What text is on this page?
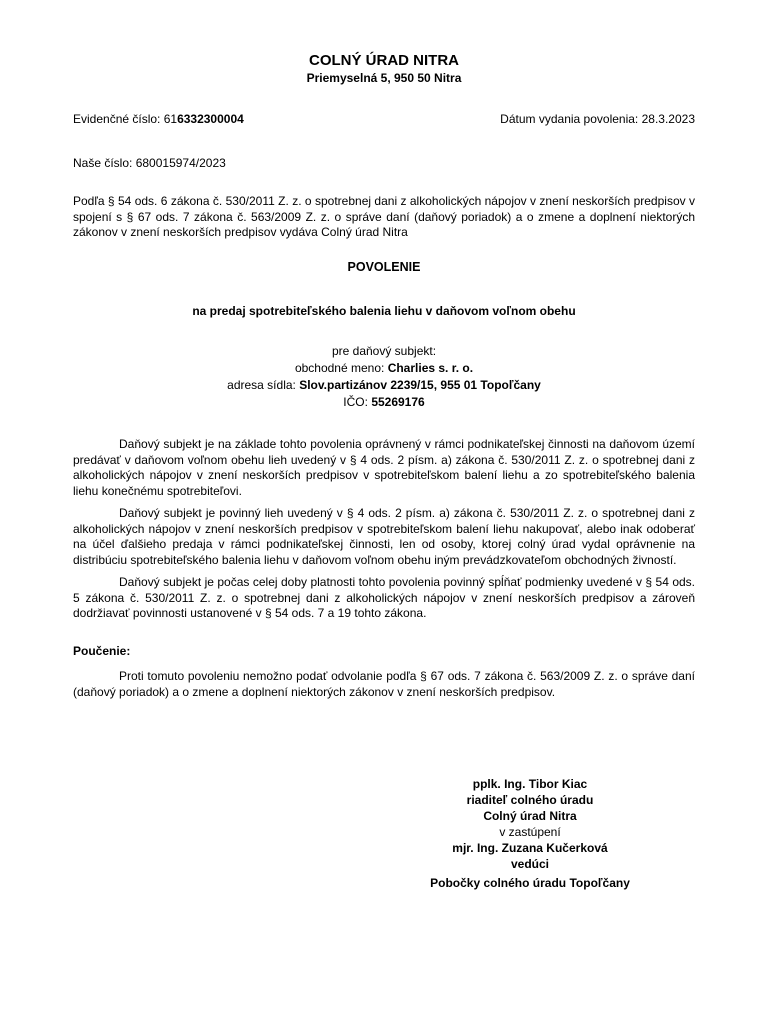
COLNÝ ÚRAD NITRA
Priemyselná 5, 950 50 Nitra
Evidenčné číslo: 616332300004	Dátum vydania povolenia: 28.3.2023
Naše číslo: 680015974/2023
Podľa § 54 ods. 6 zákona č. 530/2011 Z. z. o spotrebnej dani z alkoholických nápojov v znení neskorších predpisov v spojení s § 67 ods. 7 zákona č. 563/2009 Z. z. o správe daní (daňový poriadok) a o zmene a doplnení niektorých zákonov v znení neskorších predpisov vydáva Colný úrad Nitra
POVOLENIE
na predaj spotrebiteľského balenia liehu v daňovom voľnom obehu
pre daňový subjekt:
obchodné meno: Charlies s. r. o.
adresa sídla: Slov.partizánov 2239/15, 955 01 Topoľčany
IČO: 55269176

Daňový subjekt je na základe tohto povolenia oprávnený v rámci podnikateľskej činnosti na daňovom území predávať v daňovom voľnom obehu lieh uvedený v § 4 ods. 2 písm. a) zákona č. 530/2011 Z. z. o spotrebnej dani z alkoholických nápojov v znení neskorších predpisov v spotrebiteľskom balení liehu a zo spotrebiteľského balenia liehu konečnému spotrebiteľovi.

Daňový subjekt je povinný lieh uvedený v § 4 ods. 2 písm. a) zákona č. 530/2011 Z. z. o spotrebnej dani z alkoholických nápojov v znení neskorších predpisov v spotrebiteľskom balení liehu nakupovať, alebo inak odoberať na účel ďalšieho predaja v rámci podnikateľskej činnosti, len od osoby, ktorej colný úrad vydal oprávnenie na distribúciu spotrebiteľského balenia liehu v daňovom voľnom obehu iným prevádzkovateľom obchodných živností.

Daňový subjekt je počas celej doby platnosti tohto povolenia povinný spĺňať podmienky uvedené v § 54 ods. 5 zákona č. 530/2011 Z. z. o spotrebnej dani z alkoholických nápojov v znení neskorších predpisov a zároveň dodržiavať povinnosti ustanovené v § 54 ods. 7 a 19 tohto zákona.

Poučenie:

Proti tomuto povoleniu nemožno podať odvolanie podľa § 67 ods. 7 zákona č. 563/2009 Z. z. o správe daní (daňový poriadok) a o zmene a doplnení niektorých zákonov v znení neskorších predpisov.

pplk. Ing. Tibor Kiac
riaditeľ colného úradu
Colný úrad Nitra
v zastúpení
mjr. Ing. Zuzana Kučerková
vedúci
Pobočky colného úradu Topoľčany
